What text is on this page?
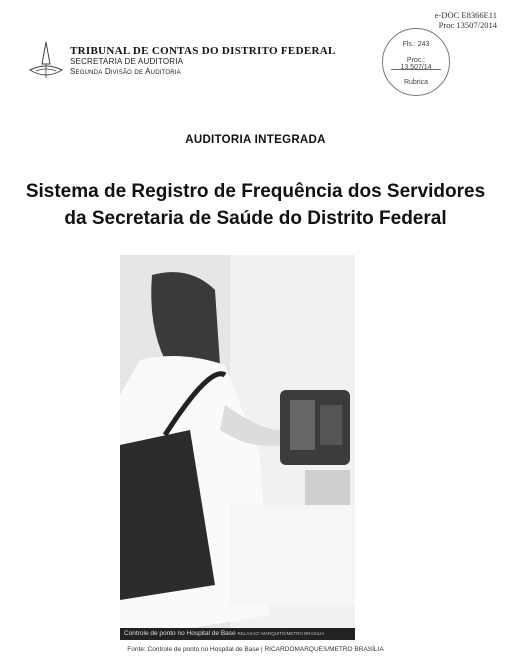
e-DOC E8366E11
Proc 13507/2014
TRIBUNAL DE CONTAS DO DISTRITO FEDERAL
SECRETARIA DE AUDITORIA
Segunda Divisão de Auditoria
Fls.: 243
Proc.: 13.507/14
Rubrica
AUDITORIA INTEGRADA
Sistema de Registro de Frequência dos Servidores
da Secretaria de Saúde do Distrito Federal
Controle de ponto no Hospital de Base RELAXAO: MARQUITO/METRO BRASILIA
Fonte: Controle de ponto no Hospital de Base | RICARDOMARQUES/METRO BRASÍLIA
